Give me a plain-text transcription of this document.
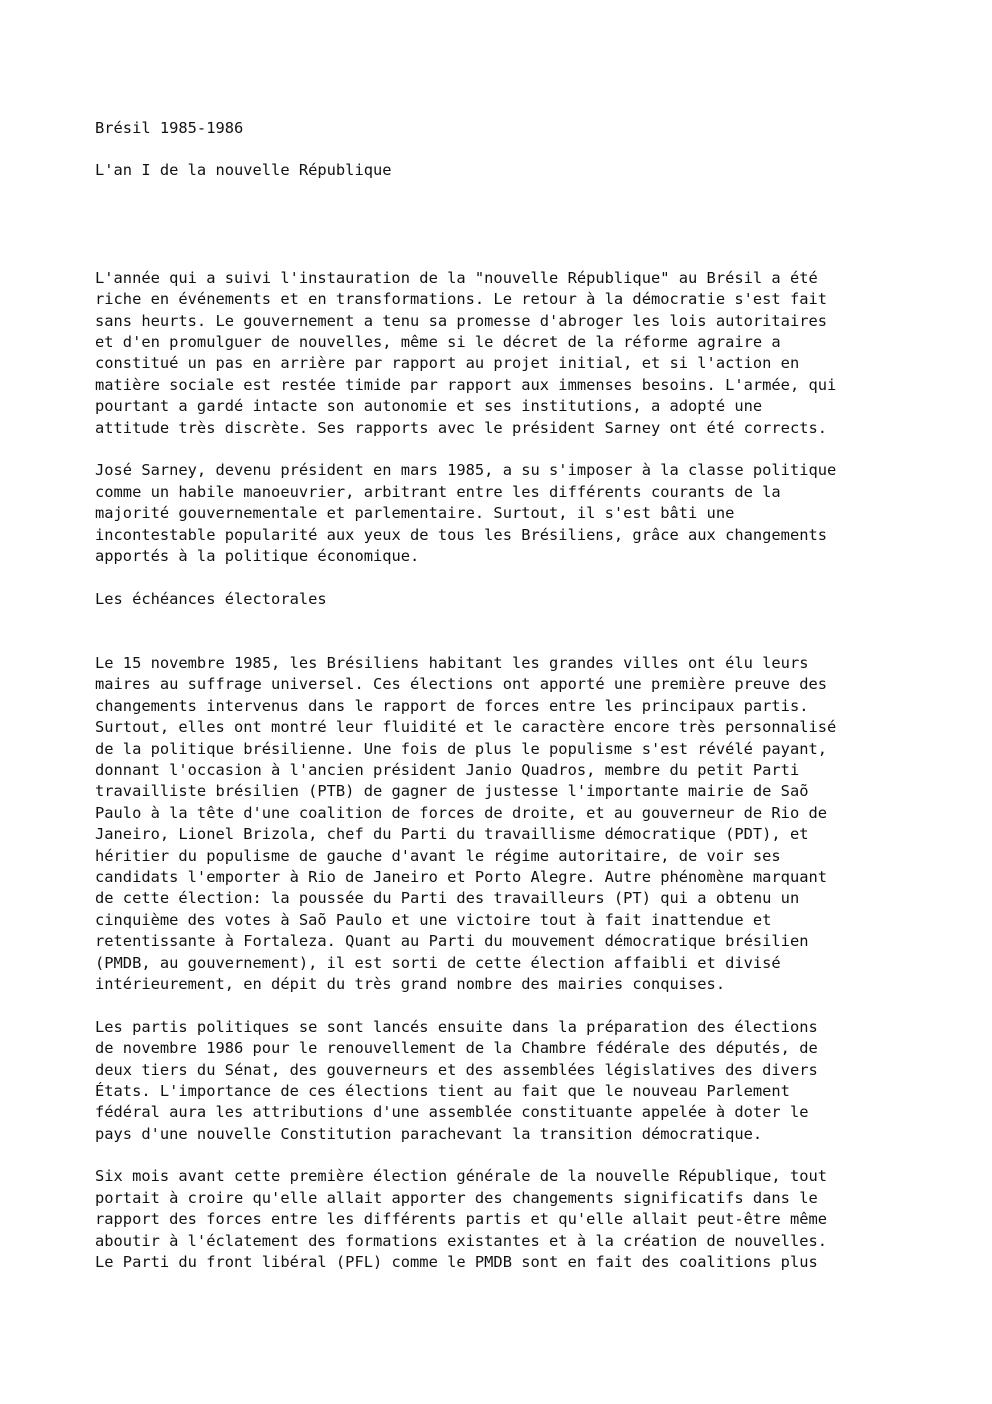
Brésil 1985-1986
L'an I de la nouvelle République
L'année qui a suivi l'instauration de la "nouvelle République" au Brésil a été
riche en événements et en transformations. Le retour à la démocratie s'est fait
sans heurts. Le gouvernement a tenu sa promesse d'abroger les lois autoritaires
et d'en promulguer de nouvelles, même si le décret de la réforme agraire a
constitué un pas en arrière par rapport au projet initial, et si l'action en
matière sociale est restée timide par rapport aux immenses besoins. L'armée, qui
pourtant a gardé intacte son autonomie et ses institutions, a adopté une
attitude très discrète. Ses rapports avec le président Sarney ont été corrects.
José Sarney, devenu président en mars 1985, a su s'imposer à la classe politique
comme un habile manoeuvrier, arbitrant entre les différents courants de la
majorité gouvernementale et parlementaire. Surtout, il s'est bâti une
incontestable popularité aux yeux de tous les Brésiliens, grâce aux changements
apportés à la politique économique.
Les échéances électorales
Le 15 novembre 1985, les Brésiliens habitant les grandes villes ont élu leurs
maires au suffrage universel. Ces élections ont apporté une première preuve des
changements intervenus dans le rapport de forces entre les principaux partis.
Surtout, elles ont montré leur fluidité et le caractère encore très personnalisé
de la politique brésilienne. Une fois de plus le populisme s'est révélé payant,
donnant l'occasion à l'ancien président Janio Quadros, membre du petit Parti
travailliste brésilien (PTB) de gagner de justesse l'importante mairie de Saõ
Paulo à la tête d'une coalition de forces de droite, et au gouverneur de Rio de
Janeiro, Lionel Brizola, chef du Parti du travaillisme démocratique (PDT), et
héritier du populisme de gauche d'avant le régime autoritaire, de voir ses
candidats l'emporter à Rio de Janeiro et Porto Alegre. Autre phénomène marquant
de cette élection: la poussée du Parti des travailleurs (PT) qui a obtenu un
cinquième des votes à Saõ Paulo et une victoire tout à fait inattendue et
retentissante à Fortaleza. Quant au Parti du mouvement démocratique brésilien
(PMDB, au gouvernement), il est sorti de cette élection affaibli et divisé
intérieurement, en dépit du très grand nombre des mairies conquises.
Les partis politiques se sont lancés ensuite dans la préparation des élections
de novembre 1986 pour le renouvellement de la Chambre fédérale des députés, de
deux tiers du Sénat, des gouverneurs et des assemblées législatives des divers
États. L'importance de ces élections tient au fait que le nouveau Parlement
fédéral aura les attributions d'une assemblée constituante appelée à doter le
pays d'une nouvelle Constitution parachevant la transition démocratique.
Six mois avant cette première élection générale de la nouvelle République, tout
portait à croire qu'elle allait apporter des changements significatifs dans le
rapport des forces entre les différents partis et qu'elle allait peut-être même
aboutir à l'éclatement des formations existantes et à la création de nouvelles.
Le Parti du front libéral (PFL) comme le PMDB sont en fait des coalitions plus
